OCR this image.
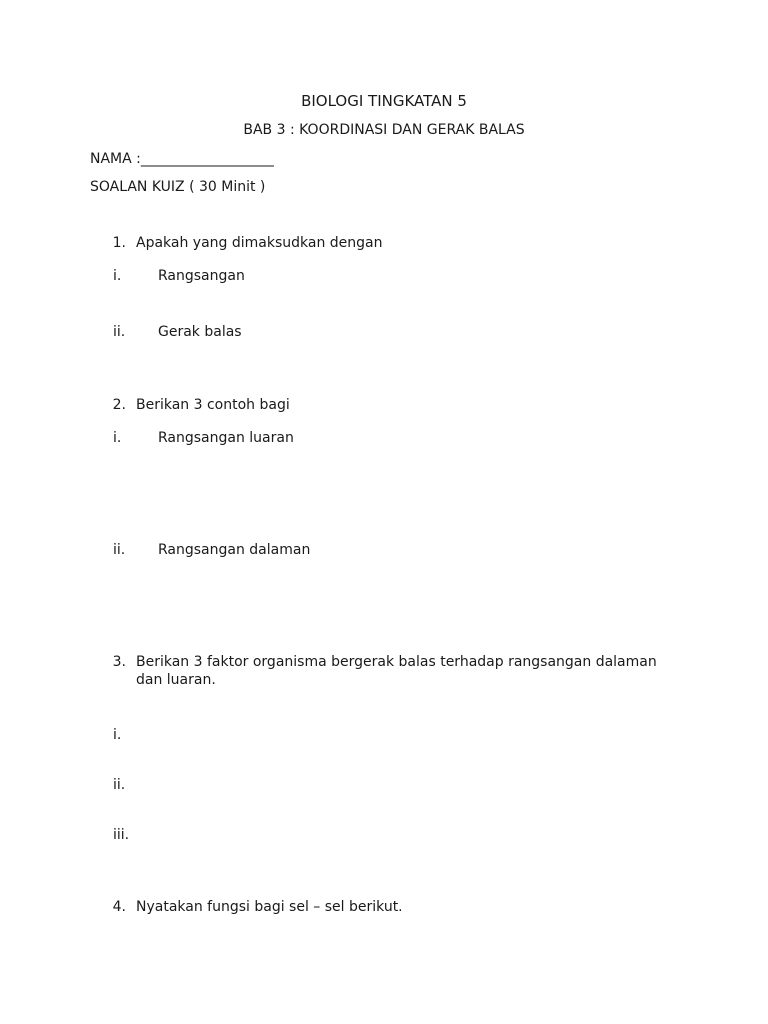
BIOLOGI TINGKATAN 5
BAB 3 : KOORDINASI DAN GERAK BALAS
NAMA :___________________
SOALAN KUIZ ( 30 Minit )
1. Apakah yang dimaksudkan dengan
i.	Rangsangan
ii. Gerak balas
2. Berikan 3 contoh bagi
i.	Rangsangan luaran
ii. Rangsangan dalaman
3. Berikan 3 faktor organisma bergerak balas terhadap rangsangan dalaman
dan luaran.
i.
ii.
iii.
4. Nyatakan fungsi bagi sel – sel berikut.
